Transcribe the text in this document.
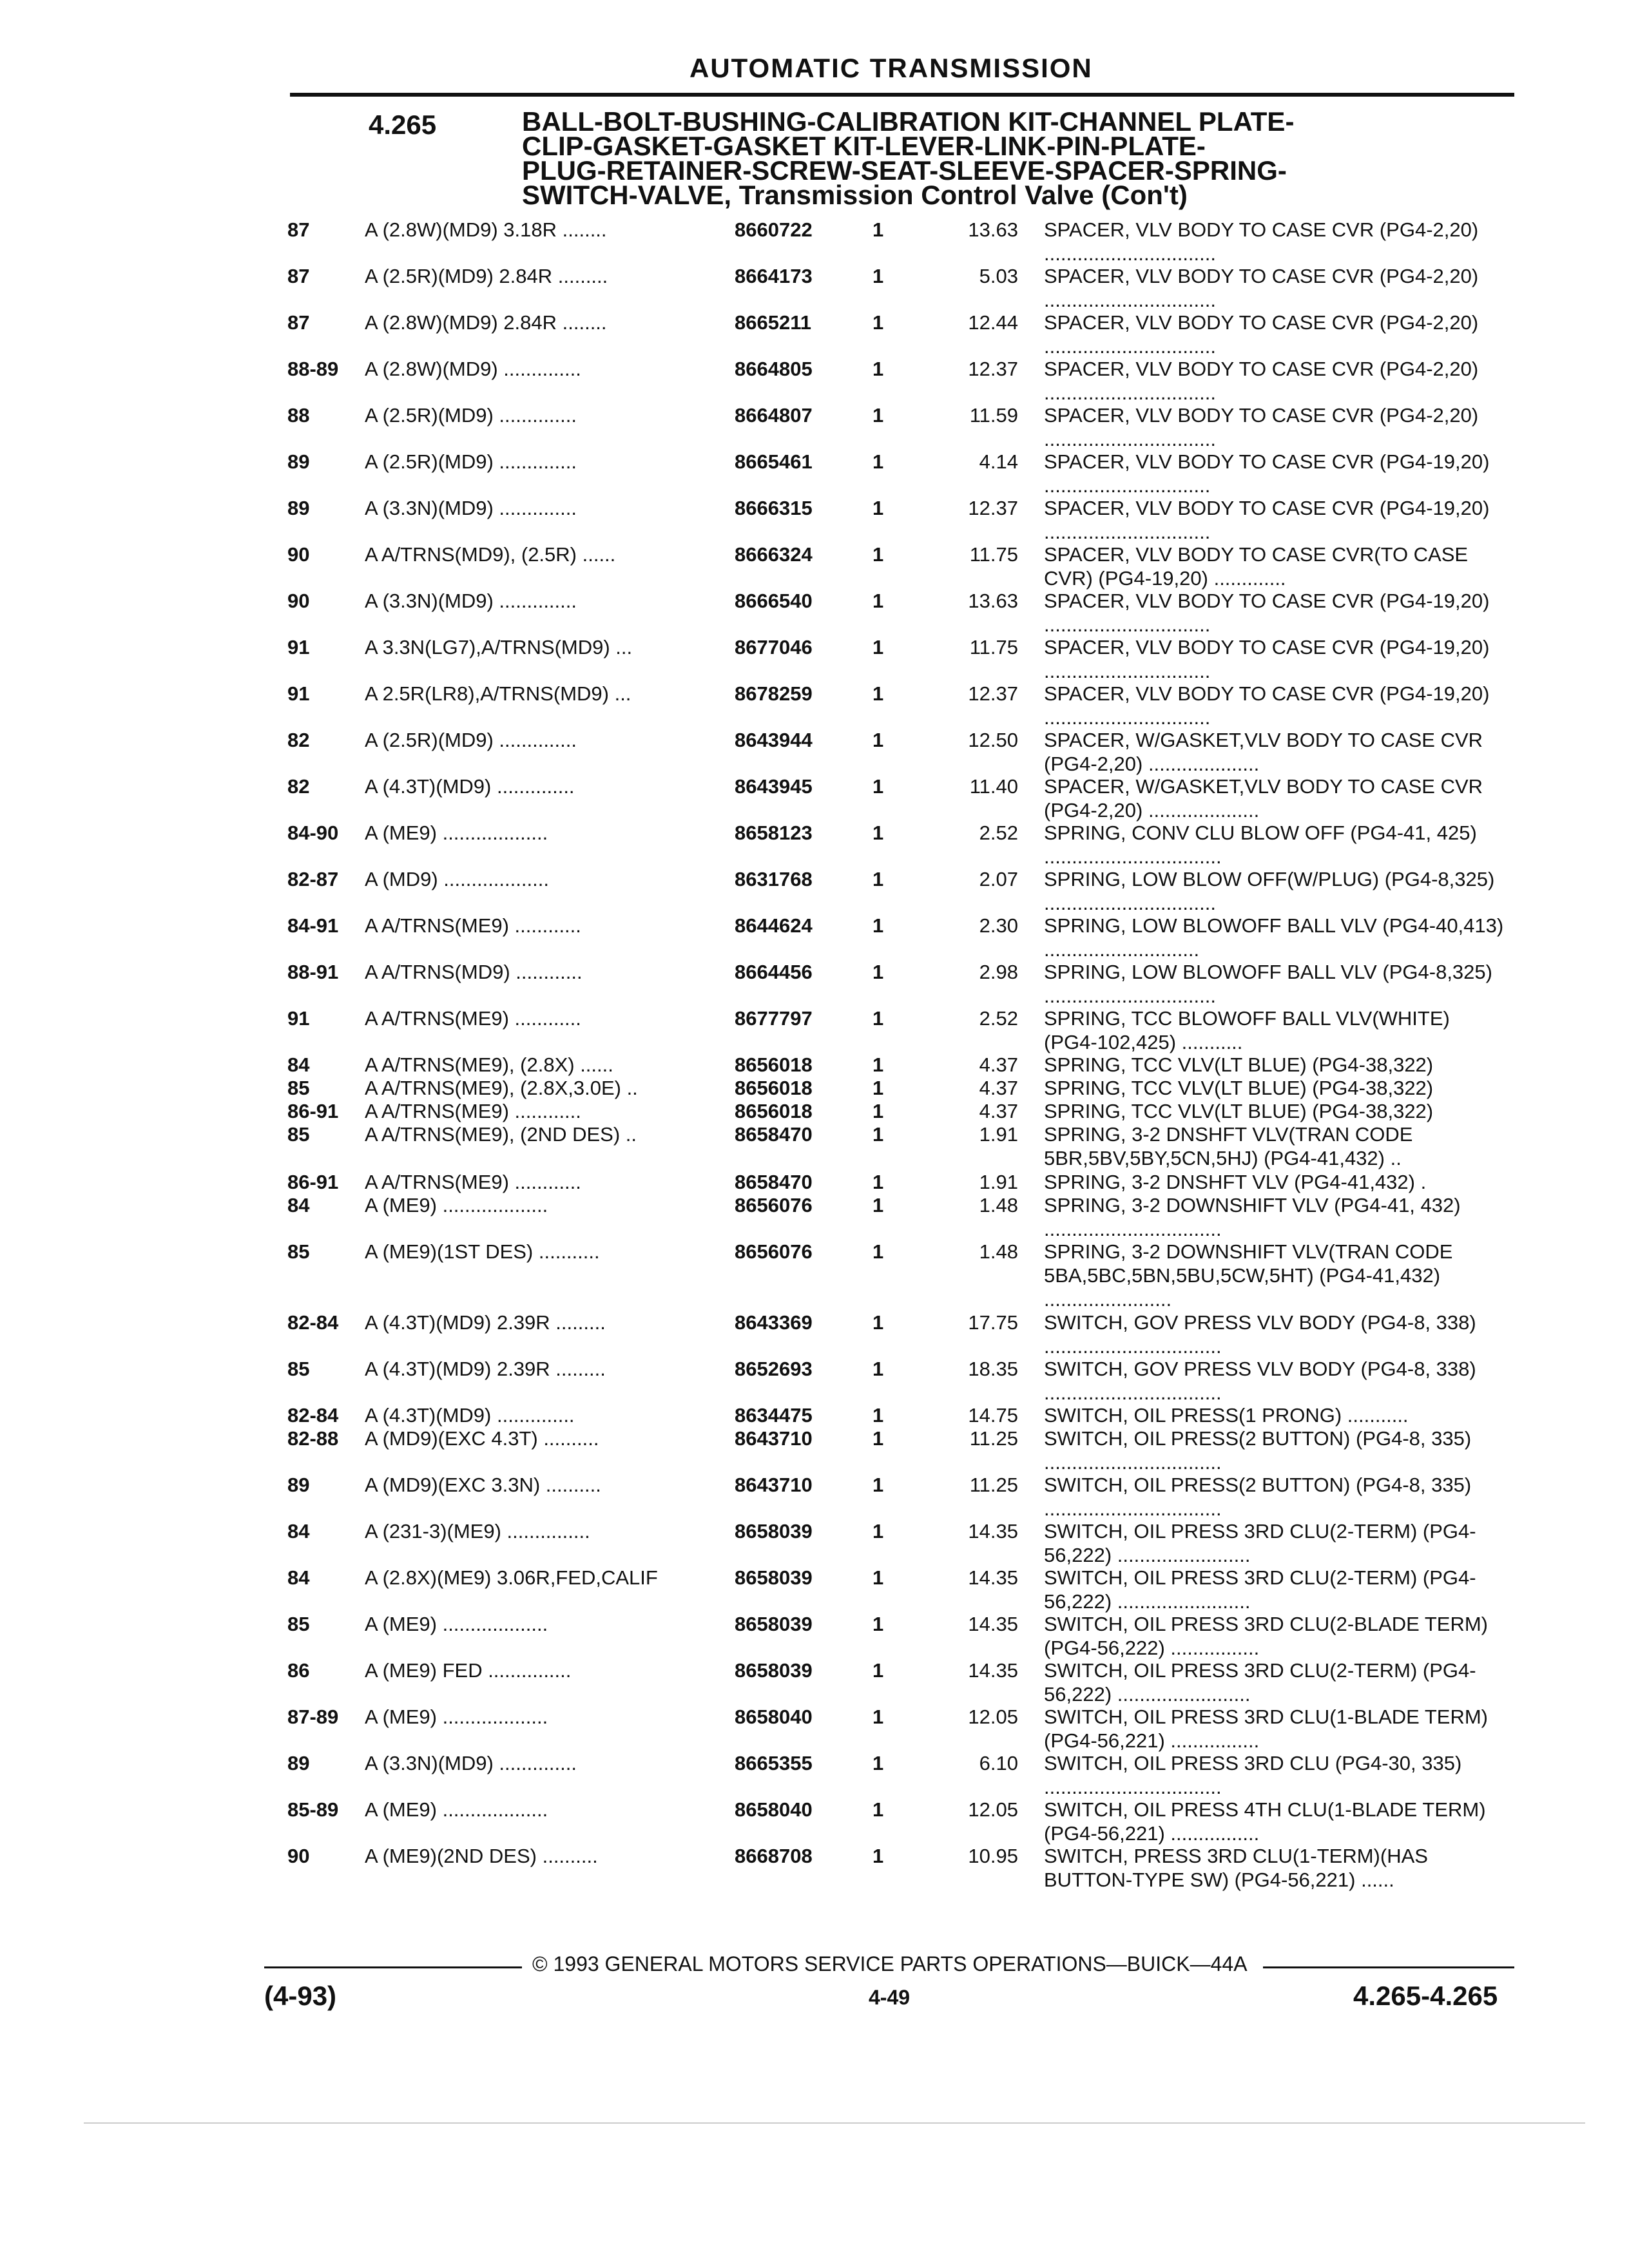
AUTOMATIC TRANSMISSION
4.265	BALL-BOLT-BUSHING-CALIBRATION KIT-CHANNEL PLATE-
CLIP-GASKET-GASKET KIT-LEVER-LINK-PIN-PLATE-
PLUG-RETAINER-SCREW-SEAT-SLEEVE-SPACER-SPRING-
SWITCH-VALVE, Transmission Control Valve (Con't)
87	A (2.8W)(MD9) 3.18R ........	8660722	1	13.63 SPACER, VLV BODY TO CASE CVR (PG4-2,20) ...............................
87	A (2.5R)(MD9) 2.84R .........	8664173	1	5.03 SPACER, VLV BODY TO CASE CVR (PG4-2,20) ...............................
87	A (2.8W)(MD9) 2.84R ........	8665211	1	12.44 SPACER, VLV BODY TO CASE CVR (PG4-2,20) ...............................
88-89 A (2.8W)(MD9) ..............	8664805	1	12.37 SPACER, VLV BODY TO CASE CVR (PG4-2,20) ...............................
88	A (2.5R)(MD9) ..............	8664807	1	11.59 SPACER, VLV BODY TO CASE CVR (PG4-2,20) ...............................
89	A (2.5R)(MD9) ..............	8665461	1	4.14 SPACER, VLV BODY TO CASE CVR (PG4-19,20) ..............................
89	A (3.3N)(MD9) ..............	8666315	1	12.37 SPACER, VLV BODY TO CASE CVR (PG4-19,20) ..............................
90	A A/TRNS(MD9), (2.5R) ......	8666324	1	11.75 SPACER, VLV BODY TO CASE CVR(TO CASE CVR) (PG4-19,20) .............
90	A (3.3N)(MD9) ..............	8666540	1	13.63 SPACER, VLV BODY TO CASE CVR (PG4-19,20) ..............................
91	A 3.3N(LG7),A/TRNS(MD9) ...	8677046	1	11.75 SPACER, VLV BODY TO CASE CVR (PG4-19,20) ..............................
91	A 2.5R(LR8),A/TRNS(MD9) ...	8678259	1	12.37 SPACER, VLV BODY TO CASE CVR (PG4-19,20) ..............................
82	A (2.5R)(MD9) ..............	8643944	1	12.50 SPACER, W/GASKET,VLV BODY TO CASE CVR (PG4-2,20) ....................
82	A (4.3T)(MD9) ..............	8643945	1	11.40 SPACER, W/GASKET,VLV BODY TO CASE CVR (PG4-2,20) ....................
84-90 A (ME9) ...................	8658123	1	2.52 SPRING, CONV CLU BLOW OFF (PG4-41, 425) ................................
82-87 A (MD9) ...................	8631768	1	2.07 SPRING, LOW BLOW OFF(W/PLUG) (PG4-8,325) ...............................
84-91 A A/TRNS(ME9) ............	8644624	1	2.30 SPRING, LOW BLOWOFF BALL VLV (PG4-40,413) ............................
88-91 A A/TRNS(MD9) ............	8664456	1	2.98 SPRING, LOW BLOWOFF BALL VLV (PG4-8,325) ...............................
91	A A/TRNS(ME9) ............	8677797	1	2.52 SPRING, TCC BLOWOFF BALL VLV(WHITE) (PG4-102,425) ...........
84	A A/TRNS(ME9), (2.8X) ......	8656018	1	4.37 SPRING, TCC VLV(LT BLUE) (PG4-38,322)
85	A A/TRNS(ME9), (2.8X,3.0E) ..	8656018	1	4.37 SPRING, TCC VLV(LT BLUE) (PG4-38,322)
86-91 A A/TRNS(ME9) ............	8656018	1	4.37 SPRING, TCC VLV(LT BLUE) (PG4-38,322)
85	A A/TRNS(ME9), (2ND DES) ..	8658470	1	1.91 SPRING, 3-2 DNSHFT VLV(TRAN CODE 5BR,5BV,5BY,5CN,5HJ) (PG4-41,432) ..
86-91 A A/TRNS(ME9) ............	8658470	1	1.91 SPRING, 3-2 DNSHFT VLV (PG4-41,432) .
84	A (ME9) ...................	8656076	1	1.48 SPRING, 3-2 DOWNSHIFT VLV (PG4-41, 432) ................................
85	A (ME9)(1ST DES) ...........	8656076	1	1.48 SPRING, 3-2 DOWNSHIFT VLV(TRAN CODE 5BA,5BC,5BN,5BU,5CW,5HT) (PG4-41,432) .......................
82-84 A (4.3T)(MD9) 2.39R .........	8643369	1	17.75 SWITCH, GOV PRESS VLV BODY (PG4-8, 338) ................................
85	A (4.3T)(MD9) 2.39R .........	8652693	1	18.35 SWITCH, GOV PRESS VLV BODY (PG4-8, 338) ................................
82-84 A (4.3T)(MD9) ..............	8634475	1	14.75 SWITCH, OIL PRESS(1 PRONG) ...........
82-88 A (MD9)(EXC 4.3T) ..........	8643710	1	11.25 SWITCH, OIL PRESS(2 BUTTON) (PG4-8, 335) ................................
89	A (MD9)(EXC 3.3N) ..........	8643710	1	11.25 SWITCH, OIL PRESS(2 BUTTON) (PG4-8, 335) ................................
84	A (231-3)(ME9) ...............	8658039	1	14.35 SWITCH, OIL PRESS 3RD CLU(2-TERM) (PG4-56,222) ........................
84	A (2.8X)(ME9) 3.06R,FED,CALIF	8658039	1	14.35 SWITCH, OIL PRESS 3RD CLU(2-TERM) (PG4-56,222) ........................
85	A (ME9) ...................	8658039	1	14.35 SWITCH, OIL PRESS 3RD CLU(2-BLADE TERM) (PG4-56,222) ................
86	A (ME9) FED ...............	8658039	1	14.35 SWITCH, OIL PRESS 3RD CLU(2-TERM) (PG4-56,222) ........................
87-89 A (ME9) ...................	8658040	1	12.05 SWITCH, OIL PRESS 3RD CLU(1-BLADE TERM) (PG4-56,221) ................
89	A (3.3N)(MD9) ..............	8665355	1	6.10 SWITCH, OIL PRESS 3RD CLU (PG4-30, 335) ................................
85-89 A (ME9) ...................	8658040	1	12.05 SWITCH, OIL PRESS 4TH CLU(1-BLADE TERM) (PG4-56,221) ................
90	A (ME9)(2ND DES) ..........	8668708	1	10.95 SWITCH, PRESS 3RD CLU(1-TERM)(HAS BUTTON-TYPE SW) (PG4-56,221) ......
© 1993 GENERAL MOTORS SERVICE PARTS OPERATIONS—BUICK—44A
(4-93)	4-49	4.265-4.265
